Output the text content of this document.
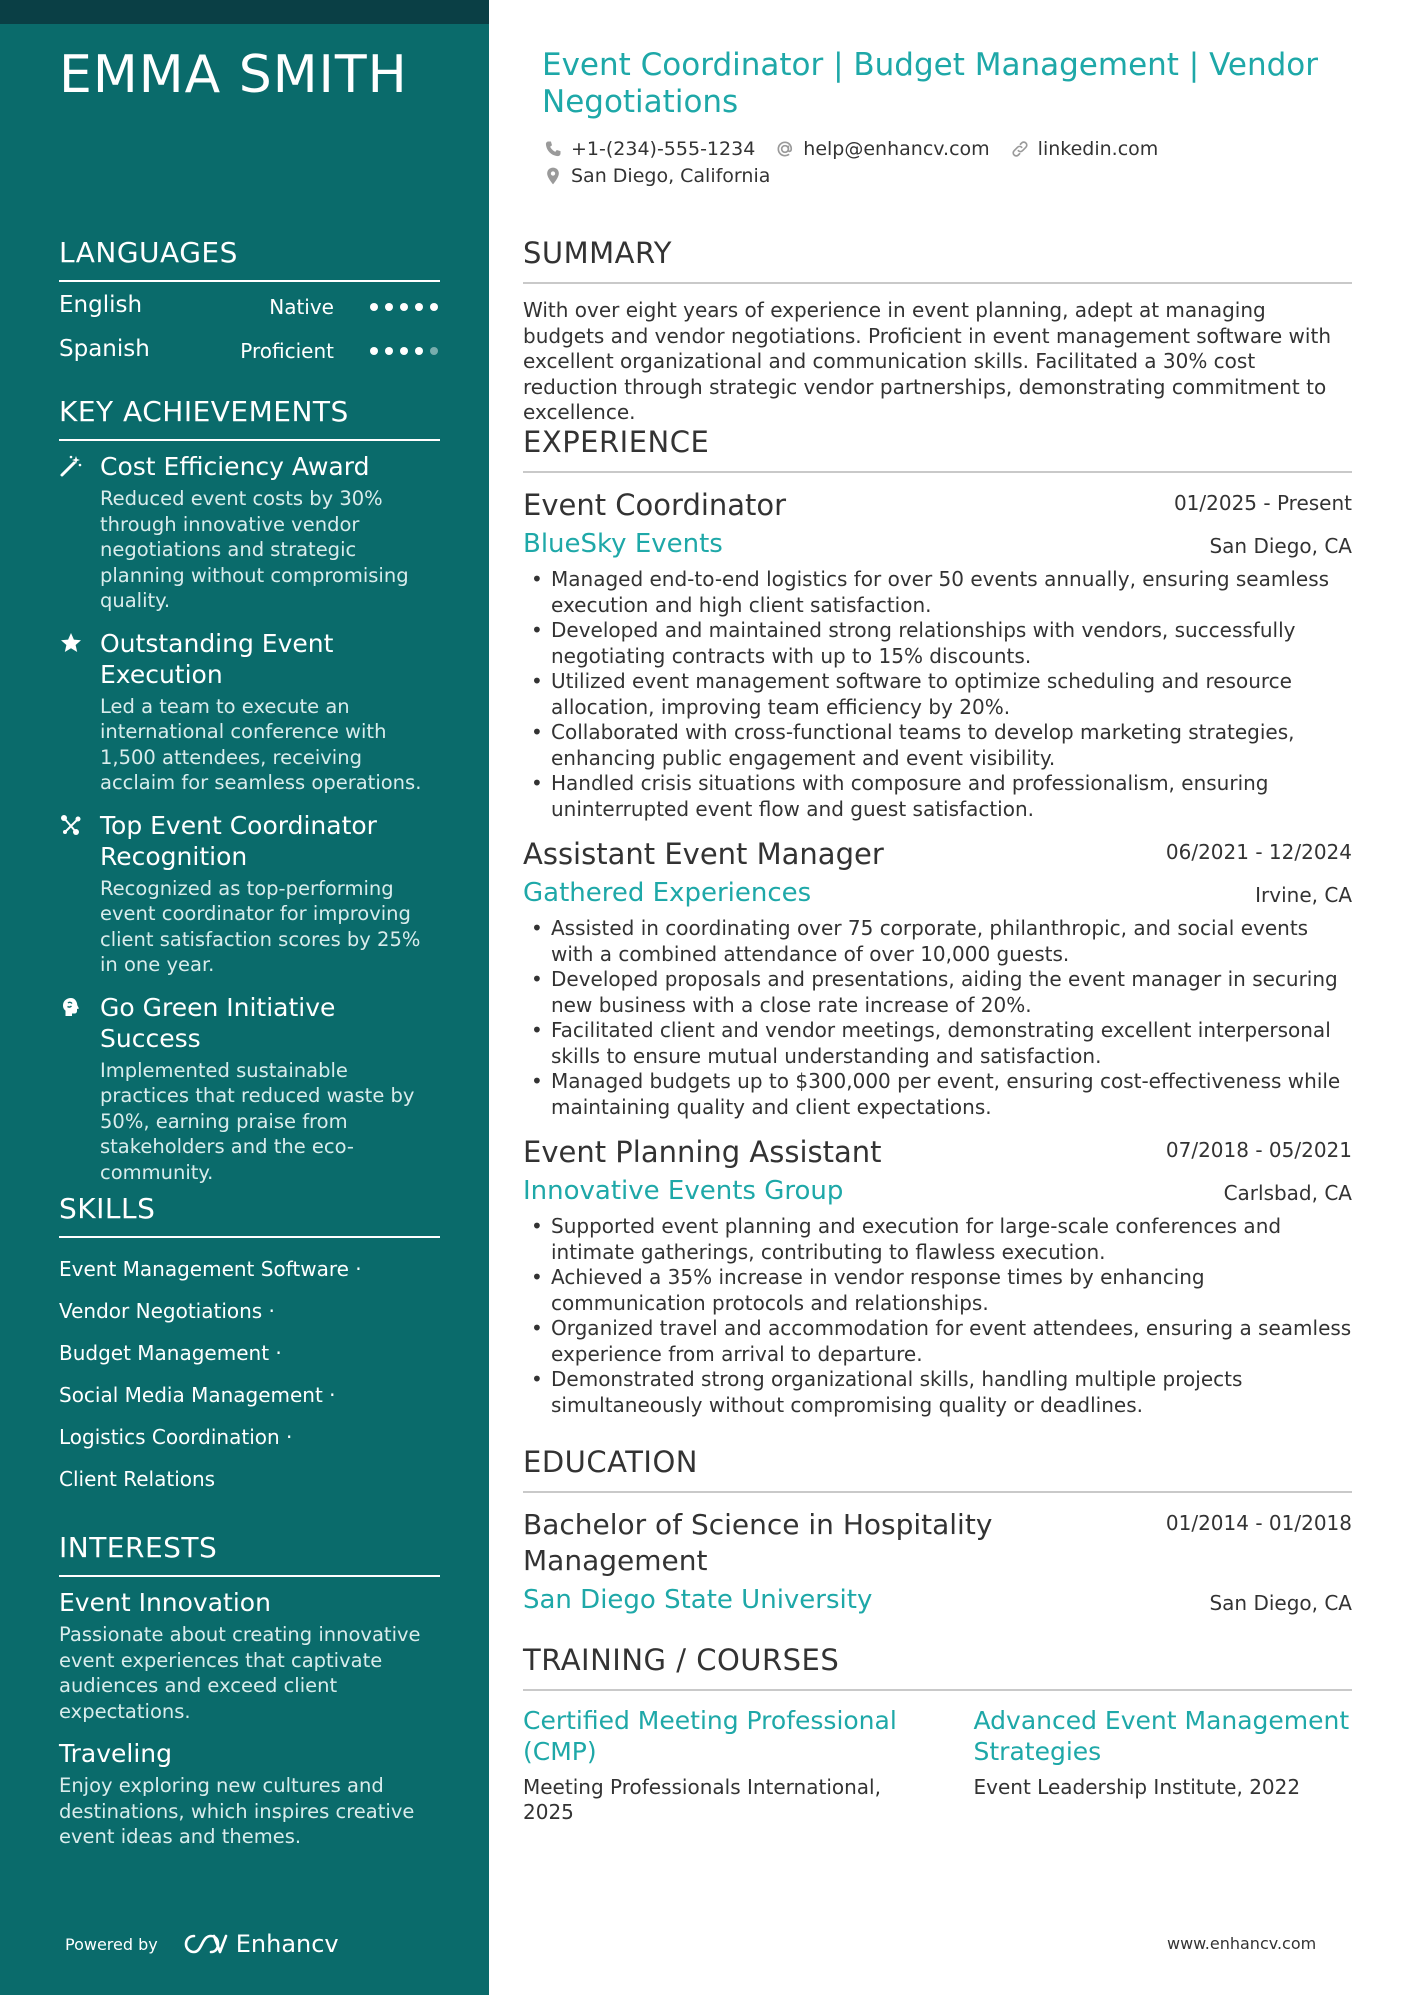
EMMA SMITH
LANGUAGES
English	Native
Spanish	Proficient
KEY ACHIEVEMENTS
Cost Efficiency Award
Reduced event costs by 30% through innovative vendor negotiations and strategic planning without compromising quality.
Outstanding Event Execution
Led a team to execute an international conference with 1,500 attendees, receiving acclaim for seamless operations.
Top Event Coordinator Recognition
Recognized as top-performing event coordinator for improving client satisfaction scores by 25% in one year.
Go Green Initiative Success
Implemented sustainable practices that reduced waste by 50%, earning praise from stakeholders and the eco-community.
SKILLS
Event Management Software ·
Vendor Negotiations ·
Budget Management ·
Social Media Management ·
Logistics Coordination ·
Client Relations
INTERESTS
Event Innovation
Passionate about creating innovative event experiences that captivate audiences and exceed client expectations.
Traveling
Enjoy exploring new cultures and destinations, which inspires creative event ideas and themes.
Powered by	Enhancv
Event Coordinator | Budget Management | Vendor Negotiations
+1-(234)-555-1234	help@enhancv.com	linkedin.com
San Diego, California
SUMMARY
With over eight years of experience in event planning, adept at managing budgets and vendor negotiations. Proficient in event management software with excellent organizational and communication skills. Facilitated a 30% cost reduction through strategic vendor partnerships, demonstrating commitment to excellence.
EXPERIENCE
Event Coordinator	01/2025 - Present
BlueSky Events	San Diego, CA
• Managed end-to-end logistics for over 50 events annually, ensuring seamless execution and high client satisfaction.
• Developed and maintained strong relationships with vendors, successfully negotiating contracts with up to 15% discounts.
• Utilized event management software to optimize scheduling and resource allocation, improving team efficiency by 20%.
• Collaborated with cross-functional teams to develop marketing strategies, enhancing public engagement and event visibility.
• Handled crisis situations with composure and professionalism, ensuring uninterrupted event flow and guest satisfaction.
Assistant Event Manager	06/2021 - 12/2024
Gathered Experiences	Irvine, CA
• Assisted in coordinating over 75 corporate, philanthropic, and social events with a combined attendance of over 10,000 guests.
• Developed proposals and presentations, aiding the event manager in securing new business with a close rate increase of 20%.
• Facilitated client and vendor meetings, demonstrating excellent interpersonal skills to ensure mutual understanding and satisfaction.
• Managed budgets up to $300,000 per event, ensuring cost-effectiveness while maintaining quality and client expectations.
Event Planning Assistant	07/2018 - 05/2021
Innovative Events Group	Carlsbad, CA
• Supported event planning and execution for large-scale conferences and intimate gatherings, contributing to flawless execution.
• Achieved a 35% increase in vendor response times by enhancing communication protocols and relationships.
• Organized travel and accommodation for event attendees, ensuring a seamless experience from arrival to departure.
• Demonstrated strong organizational skills, handling multiple projects simultaneously without compromising quality or deadlines.
EDUCATION
Bachelor of Science in Hospitality Management
01/2014 - 01/2018
San Diego State University	San Diego, CA
TRAINING / COURSES
Certified Meeting Professional (CMP)
Meeting Professionals International, 2025
Advanced Event Management Strategies
Event Leadership Institute, 2022
www.enhancv.com
